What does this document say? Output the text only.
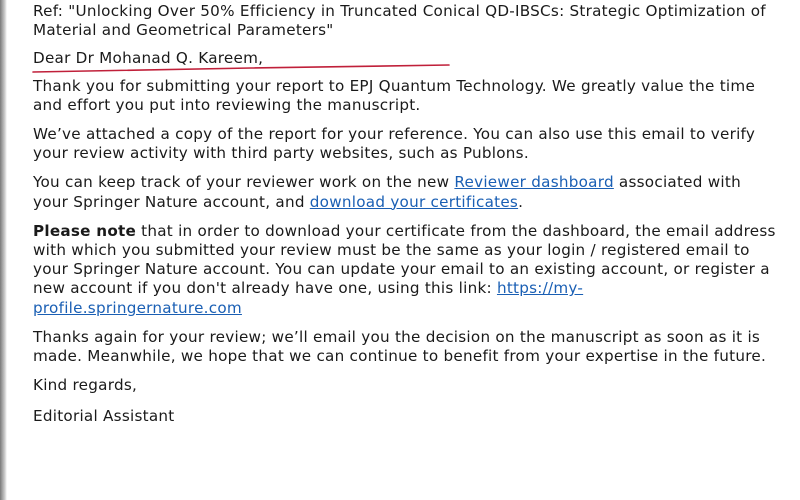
Ref: "Unlocking Over 50% Efficiency in Truncated Conical QD-IBSCs: Strategic Optimization of Material and Geometrical Parameters"

Dear Dr Mohanad Q. Kareem,

Thank you for submitting your report to EPJ Quantum Technology. We greatly value the time and effort you put into reviewing the manuscript.

We’ve attached a copy of the report for your reference. You can also use this email to verify your review activity with third party websites, such as Publons.

You can keep track of your reviewer work on the new Reviewer dashboard associated with your Springer Nature account, and download your certificates.

Please note that in order to download your certificate from the dashboard, the email address with which you submitted your review must be the same as your login / registered email to your Springer Nature account. You can update your email to an existing account, or register a new account if you don't already have one, using this link: https://my-profile.springernature.com

Thanks again for your review; we’ll email you the decision on the manuscript as soon as it is made. Meanwhile, we hope that we can continue to benefit from your expertise in the future.

Kind regards,

Editorial Assistant
